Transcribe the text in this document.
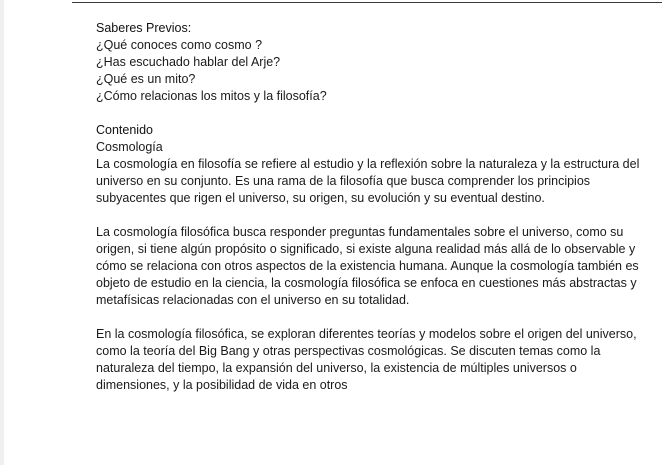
Saberes Previos:

¿Qué conoces como cosmo ?
¿Has escuchado hablar del Arje?
¿Qué es un mito?
¿Cómo relacionas los mitos y la filosofía?

Contenido

Cosmología

La cosmología en filosofía se refiere al estudio y la reflexión sobre la naturaleza y la estructura del universo en su conjunto. Es una rama de la filosofía que busca comprender los principios subyacentes que rigen el universo, su origen, su evolución y su eventual destino.

La cosmología filosófica busca responder preguntas fundamentales sobre el universo, como su origen, si tiene algún propósito o significado, si existe alguna realidad más allá de lo observable y cómo se relaciona con otros aspectos de la existencia humana. Aunque la cosmología también es objeto de estudio en la ciencia, la cosmología filosófica se enfoca en cuestiones más abstractas y metafísicas relacionadas con el universo en su totalidad.

En la cosmología filosófica, se exploran diferentes teorías y modelos sobre el origen del universo, como la teoría del Big Bang y otras perspectivas cosmológicas. Se discuten temas como la naturaleza del tiempo, la expansión del universo, la existencia de múltiples universos o dimensiones, y la posibilidad de vida en otros
